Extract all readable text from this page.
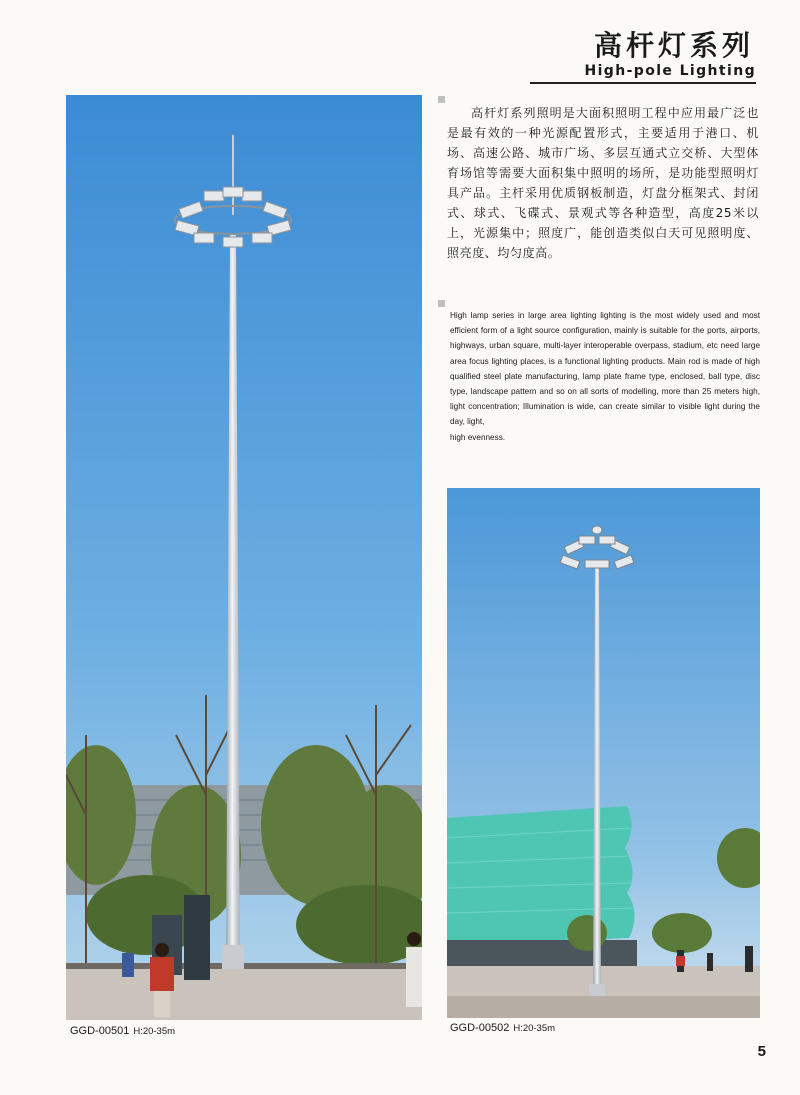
高杆灯系列
High-pole Lighting
高杆灯系列照明是大面积照明工程中应用最广泛也是最有效的一种光源配置形式，主要适用于港口、机场、高速公路、城市广场、多层互通式立交桥、大型体育场馆等需要大面积集中照明的场所，是功能型照明灯具产品。主杆采用优质钢板制造，灯盘分框架式、封闭式、球式、飞碟式、景观式等各种造型，高度25米以上，光源集中；照度广，能创造类似白天可见照明度、照亮度、均匀度高。
High lamp series in large area lighting lighting is the most widely used and most efficient form of a light source configuration, mainly is suitable for the ports, airports, highways, urban square, multi-layer interoperable overpass, stadium, etc need large area focus lighting places, is a functional lighting products. Main rod is made of high qualified steel plate manufacturing, lamp plate frame type, enclosed, ball type, disc type, landscape pattern and so on all sorts of modelling, more than 25 meters high, light concentration; Illumination is wide, can create similar to visible light during the day, light,
high evenness.
GGD-00501 H:20-35m	GGD-00502 H:20-35m
5
